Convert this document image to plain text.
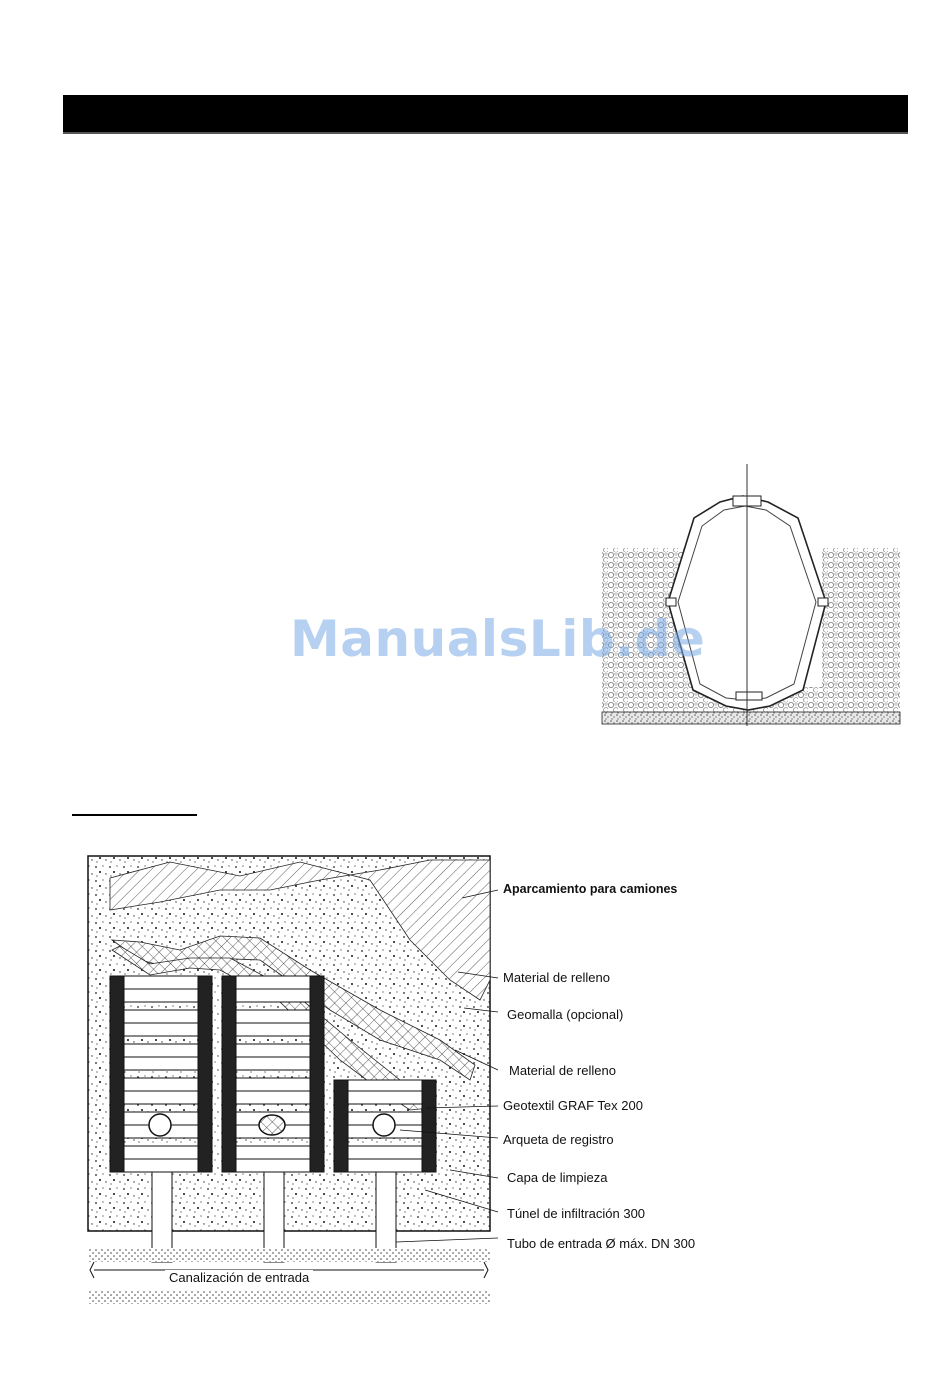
ManualsLib.de
Aparcamiento para camiones
Material de relleno
Geomalla (opcional)
Material de relleno
Geotextil GRAF Tex 200
Arqueta de registro
Capa de limpieza
Túnel de infiltración 300
Tubo de entrada Ø máx. DN 300
Canalización de entrada
